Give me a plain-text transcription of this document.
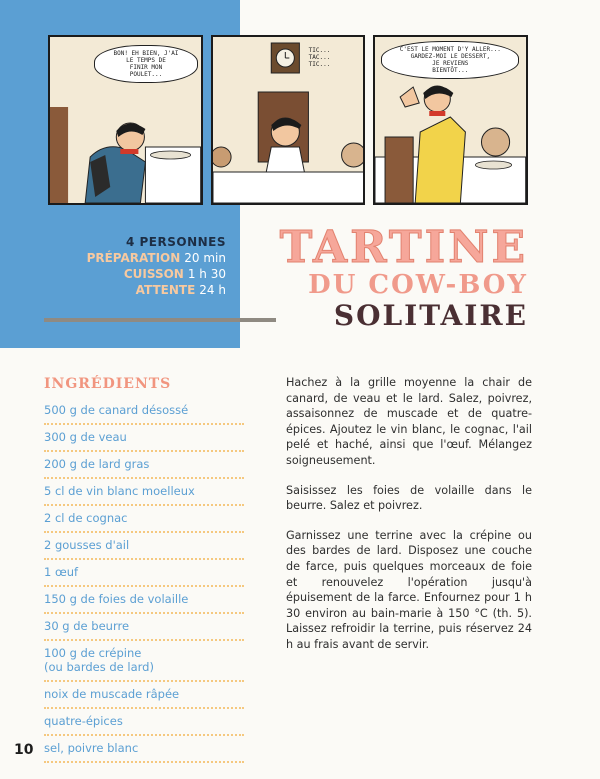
BON! EH BIEN, J'AI
LE TEMPS DE
FINIR MON
POULET...
TIC...
TAC...
TIC...
C'EST LE MOMENT D'Y ALLER...
GARDEZ-MOI LE DESSERT,
JE REVIENS
BIENTÔT...
4 PERSONNES
PRÉPARATION 20 min
CUISSON 1 h 30
ATTENTE 24 h
TARTINE
DU COW-BOY
SOLITAIRE
INGRÉDIENTS
500 g de canard désossé
300 g de veau
200 g de lard gras
5 cl de vin blanc moelleux
2 cl de cognac
2 gousses d'ail
1 œuf
150 g de foies de volaille
30 g de beurre
100 g de crépine
(ou bardes de lard)
noix de muscade râpée
quatre-épices
sel, poivre blanc

Hachez à la grille moyenne la chair de canard, de veau et le lard. Salez, poivrez, assaisonnez de muscade et de quatre-épices. Ajoutez le vin blanc, le cognac, l'ail pelé et haché, ainsi que l'œuf. Mélangez soigneusement.

Saisissez les foies de volaille dans le beurre. Salez et poivrez.

Garnissez une terrine avec la crépine ou des bardes de lard. Disposez une couche de farce, puis quelques morceaux de foie et renouvelez l'opération jusqu'à épuisement de la farce. Enfournez pour 1 h 30 environ au bain-marie à 150 °C (th. 5). Laissez refroidir la terrine, puis réservez 24 h au frais avant de servir.

10
